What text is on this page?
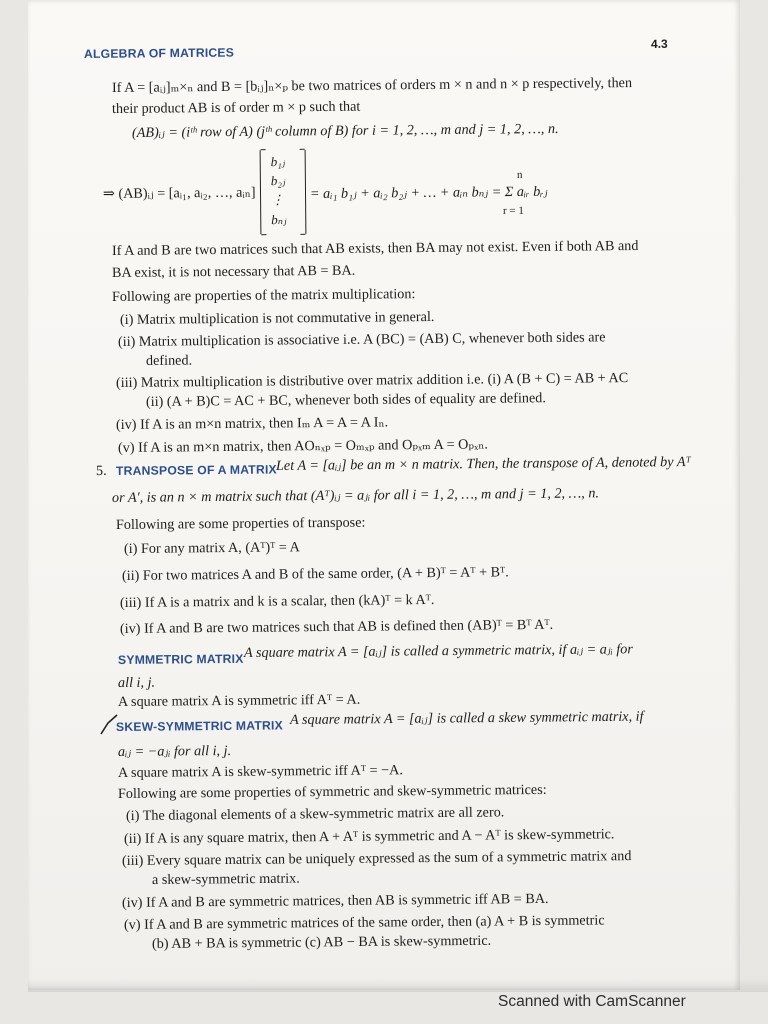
ALGEBRA OF MATRICES
4.3
If A = [aᵢⱼ]ₘ×ₙ and B = [bᵢⱼ]ₙ×ₚ be two matrices of orders m × n and n × p respectively, then
their product AB is of order m × p such that
(AB)ᵢⱼ = (iᵗʰ row of A) (jᵗʰ column of B) for i = 1, 2, …, m and j = 1, 2, …, n.
⇒ (AB)ᵢⱼ = [aᵢ₁, aᵢ₂, …, aᵢₙ]
b₁ⱼ
b₂ⱼ
⋮
bₙⱼ
= aᵢ₁ b₁ⱼ + aᵢ₂ b₂ⱼ + … + aᵢₙ bₙⱼ = Σ aᵢᵣ bᵣⱼ
n
r = 1
If A and B are two matrices such that AB exists, then BA may not exist. Even if both AB and
BA exist, it is not necessary that AB = BA.
Following are properties of the matrix multiplication:
(i) Matrix multiplication is not commutative in general.
(ii) Matrix multiplication is associative i.e. A (BC) = (AB) C, whenever both sides are
defined.
(iii) Matrix multiplication is distributive over matrix addition i.e. (i) A (B + C) = AB + AC
(ii) (A + B)C = AC + BC, whenever both sides of equality are defined.
(iv) If A is an m×n matrix, then Iₘ A = A = A Iₙ.
(v) If A is an m×n matrix, then AOₙₓₚ = Oₘₓₚ and Oₚₓₘ A = Oₚₓₙ.
5. TRANSPOSE OF A MATRIX Let A = [aᵢⱼ] be an m × n matrix. Then, the transpose of A, denoted by Aᵀ
or A′, is an n × m matrix such that (Aᵀ)ᵢⱼ = aⱼᵢ for all i = 1, 2, …, m and j = 1, 2, …, n.
Following are some properties of transpose:
(i) For any matrix A, (Aᵀ)ᵀ = A
(ii) For two matrices A and B of the same order, (A + B)ᵀ = Aᵀ + Bᵀ.
(iii) If A is a matrix and k is a scalar, then (kA)ᵀ = k Aᵀ.
(iv) If A and B are two matrices such that AB is defined then (AB)ᵀ = Bᵀ Aᵀ.
SYMMETRIC MATRIX A square matrix A = [aᵢⱼ] is called a symmetric matrix, if aᵢⱼ = aⱼᵢ for
all i, j.
A square matrix A is symmetric iff Aᵀ = A.
SKEW-SYMMETRIC MATRIX A square matrix A = [aᵢⱼ] is called a skew symmetric matrix, if
aᵢⱼ = −aⱼᵢ for all i, j.
A square matrix A is skew-symmetric iff Aᵀ = −A.
Following are some properties of symmetric and skew-symmetric matrices:
(i) The diagonal elements of a skew-symmetric matrix are all zero.
(ii) If A is any square matrix, then A + Aᵀ is symmetric and A − Aᵀ is skew-symmetric.
(iii) Every square matrix can be uniquely expressed as the sum of a symmetric matrix and
a skew-symmetric matrix.
(iv) If A and B are symmetric matrices, then AB is symmetric iff AB = BA.
(v) If A and B are symmetric matrices of the same order, then (a) A + B is symmetric
(b) AB + BA is symmetric (c) AB − BA is skew-symmetric.
Scanned with CamScanner
